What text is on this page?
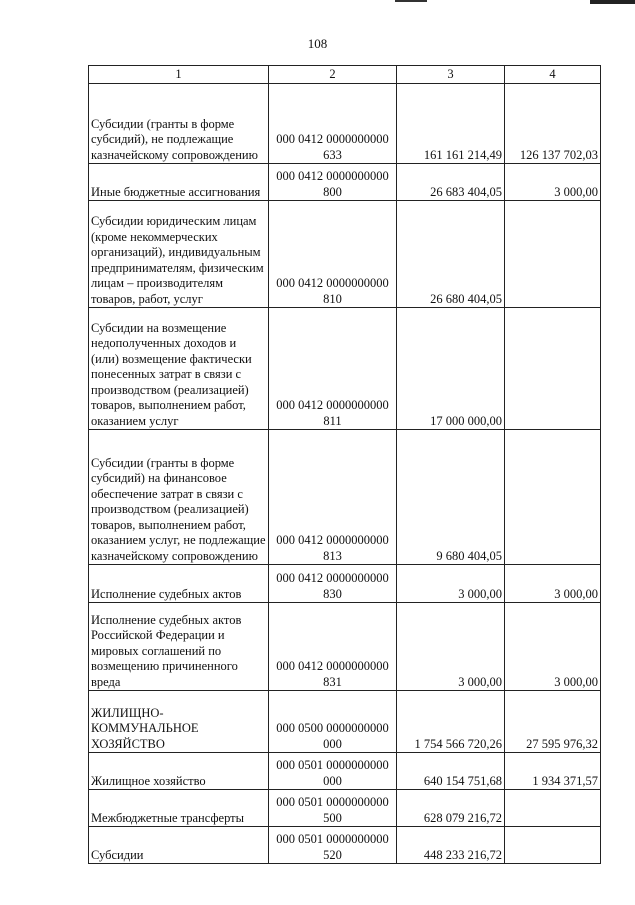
108
1	2	3	4
Субсидии (гранты в форме субсидий), не подлежащие казначейскому сопровождению	000 0412 0000000000 633	161 161 214,49	126 137 702,03
Иные бюджетные ассигнования	000 0412 0000000000 800	26 683 404,05	3 000,00
Субсидии юридическим лицам (кроме некоммерческих организаций), индивидуальным предпринимателям, физическим лицам – производителям товаров, работ, услуг	000 0412 0000000000 810	26 680 404,05	
Субсидии на возмещение недополученных доходов и (или) возмещение фактически понесенных затрат в связи с производством (реализацией) товаров, выполнением работ, оказанием услуг	000 0412 0000000000 811	17 000 000,00	
Субсидии (гранты в форме субсидий) на финансовое обеспечение затрат в связи с производством (реализацией) товаров, выполнением работ, оказанием услуг, не подлежащие казначейскому сопровождению	000 0412 0000000000 813	9 680 404,05	
Исполнение судебных актов	000 0412 0000000000 830	3 000,00	3 000,00
Исполнение судебных актов Российской Федерации и мировых соглашений по возмещению причиненного вреда	000 0412 0000000000 831	3 000,00	3 000,00
ЖИЛИЩНО-КОММУНАЛЬНОЕ ХОЗЯЙСТВО	000 0500 0000000000 000	1 754 566 720,26	27 595 976,32
Жилищное хозяйство	000 0501 0000000000 000	640 154 751,68	1 934 371,57
Межбюджетные трансферты	000 0501 0000000000 500	628 079 216,72	
Субсидии	000 0501 0000000000 520	448 233 216,72	
